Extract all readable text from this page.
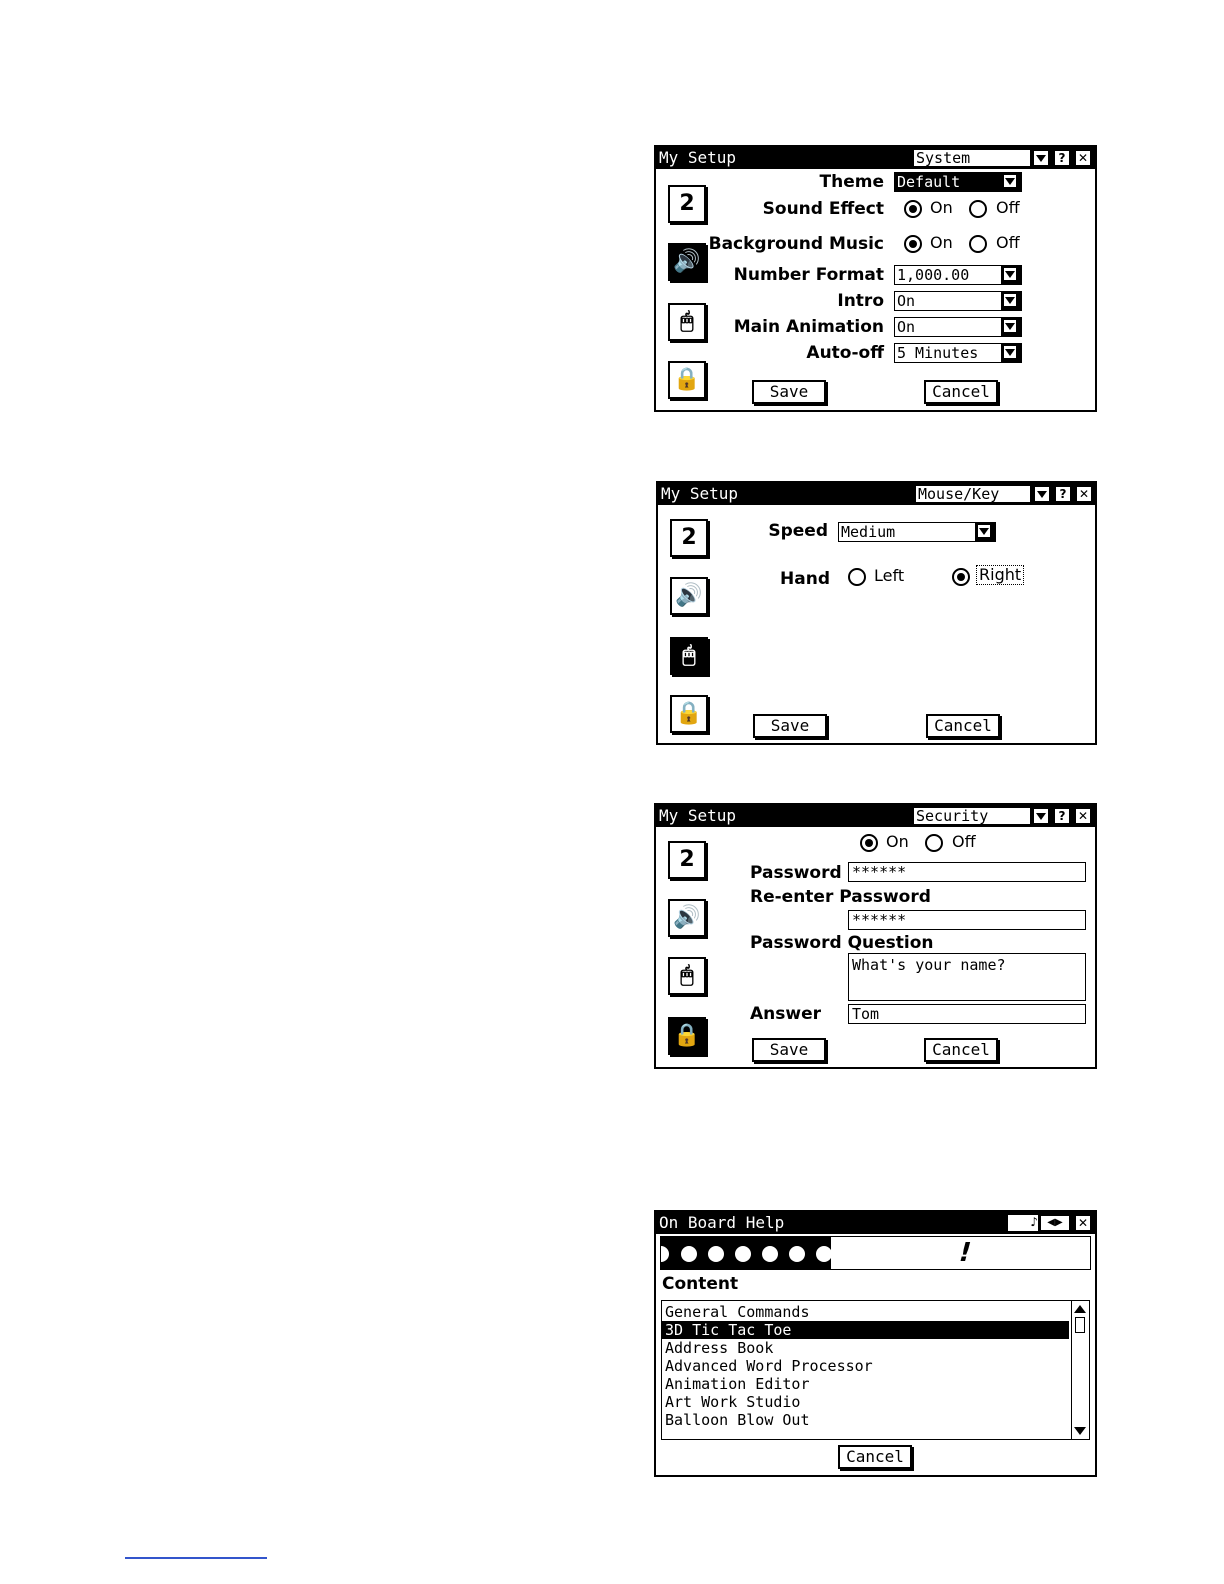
My Setup	System	?	✕
2
🔊
🖱
🔒
Theme Default
Sound Effect	On	Off
Background Music	On	Off
Number Format 1,000.00
Intro On
Main Animation On
Auto-off 5 Minutes
Save	Cancel
My Setup	Mouse/Key	?	✕
2
🔊
🖱
🔒
Speed Medium
Hand	Left	Right
Save	Cancel
My Setup	Security	?	✕
2
🔊
🖱
🔒
On	Off
Password ******
Re-enter Password
******
Password Question
What's your name?
Answer Tom
Save	Cancel
On Board Help	♪ ◀▶	✕
!
Content
General Commands
3D Tic Tac Toe
Address Book
Advanced Word Processor
Animation Editor
Art Work Studio
Balloon Blow Out
Cancel
